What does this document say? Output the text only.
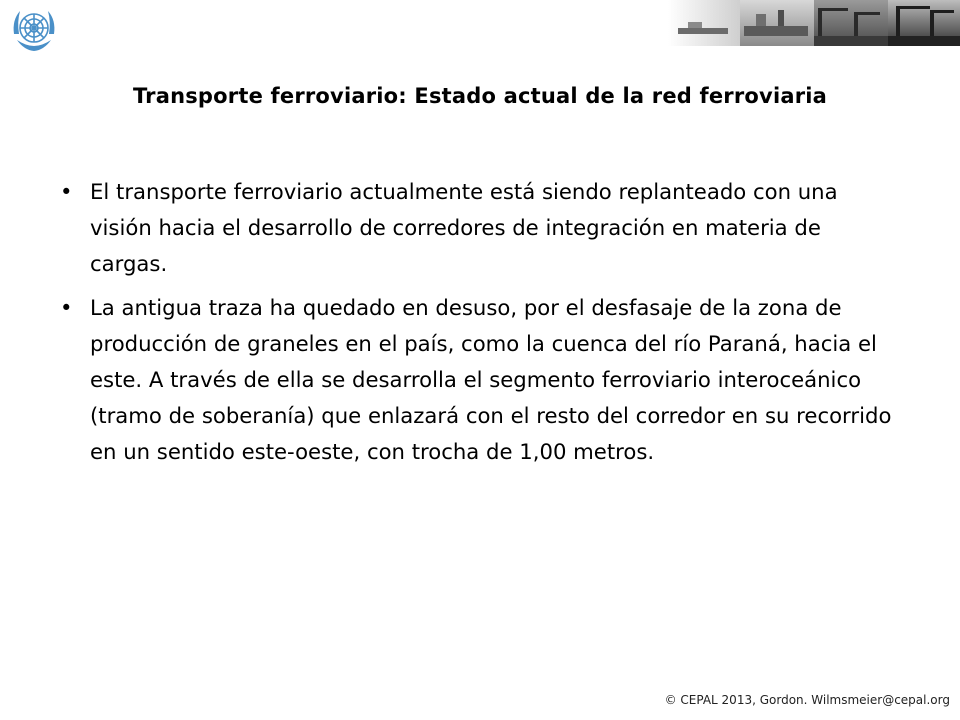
Transporte ferroviario: Estado actual de la red ferroviaria
• El transporte ferroviario actualmente está siendo replanteado con una visión hacia el desarrollo de corredores de integración en materia de cargas.
• La antigua traza ha quedado en desuso, por el desfasaje de la zona de producción de graneles en el país, como la cuenca del río Paraná, hacia el este. A través de ella se desarrolla el segmento ferroviario interoceánico (tramo de soberanía) que enlazará con el resto del corredor en su recorrido en un sentido este-oeste, con trocha de 1,00 metros.
© CEPAL 2013, Gordon. Wilmsmeier@cepal.org
